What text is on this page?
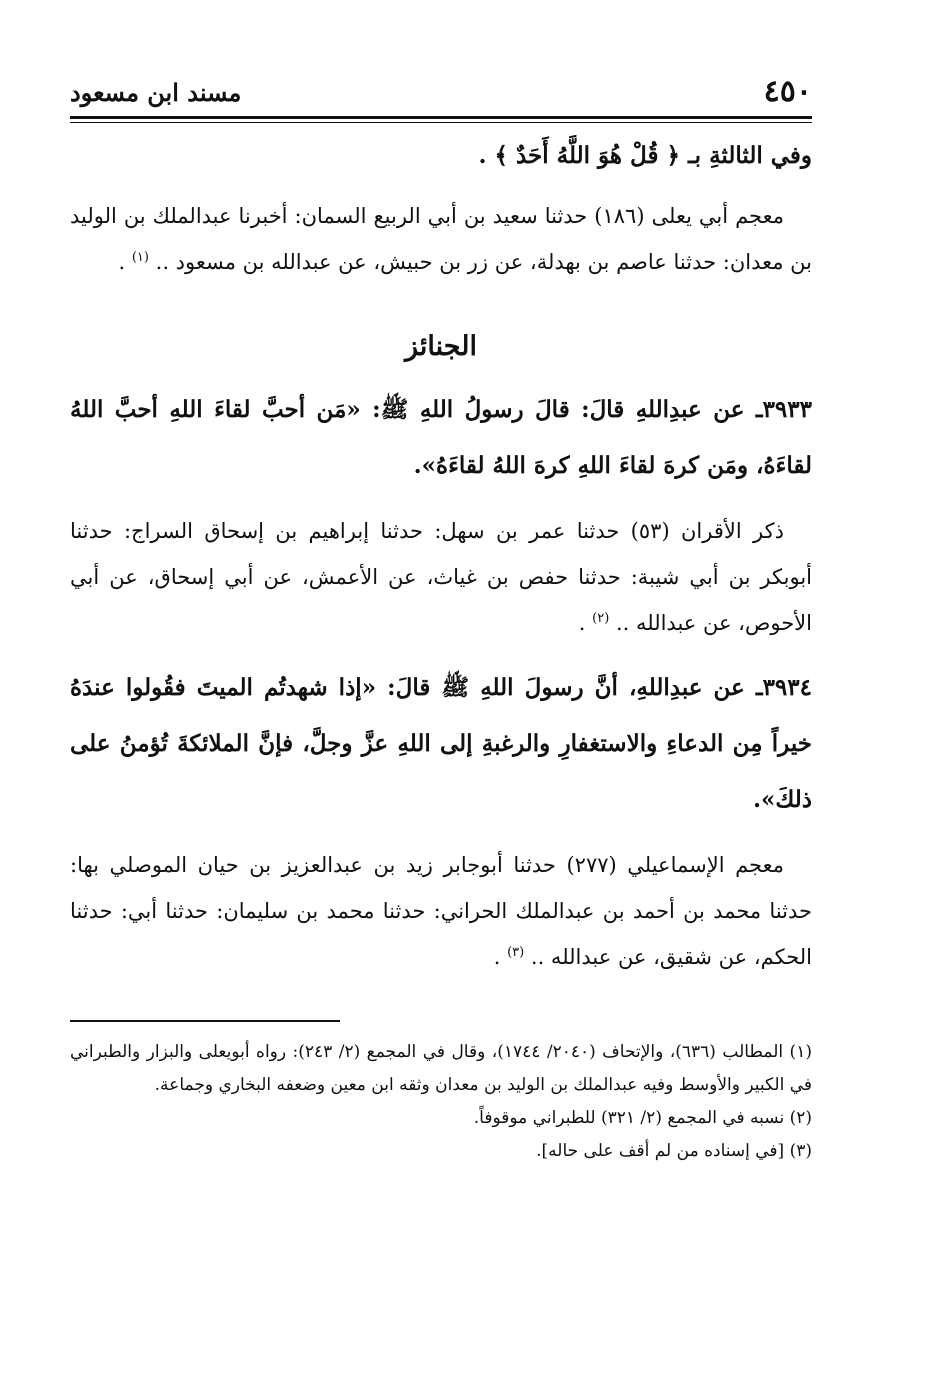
٤٥٠
مسند ابن مسعود

وفي الثالثةِ بـ ﴿ قُلْ هُوَ اللَّهُ أَحَدٌ ﴾ .

معجم أبي يعلى (١٨٦) حدثنا سعيد بن أبي الربيع السمان: أخبرنا عبدالملك بن الوليد بن معدان: حدثنا عاصم بن بهدلة، عن زر بن حبيش، عن عبدالله بن مسعود .. $^{(١)}$ .

الجنائز

٣٩٣٣ـ عن عبدِاللهِ قالَ: قالَ رسولُ اللهِ ﷺ: «مَن أحبَّ لقاءَ اللهِ أحبَّ اللهُ لقاءَهُ، ومَن كرهَ لقاءَ اللهِ كرهَ اللهُ لقاءَهُ».

ذكر الأقران (٥٣) حدثنا عمر بن سهل: حدثنا إبراهيم بن إسحاق السراج: حدثنا أبوبكر بن أبي شيبة: حدثنا حفص بن غياث، عن الأعمش، عن أبي إسحاق، عن أبي الأحوص، عن عبدالله .. $^{(٢)}$ .

٣٩٣٤ـ عن عبدِاللهِ، أنَّ رسولَ اللهِ ﷺ قالَ: «إذا شهدتُم الميتَ فقُولوا عندَهُ خيراً مِن الدعاءِ والاستغفارِ والرغبةِ إلى اللهِ عزَّ وجلَّ، فإنَّ الملائكةَ تُؤمنُ على ذلكَ».

معجم الإسماعيلي (٢٧٧) حدثنا أبوجابر زيد بن عبدالعزيز بن حيان الموصلي بها: حدثنا محمد بن أحمد بن عبدالملك الحراني: حدثنا محمد بن سليمان: حدثنا أبي: حدثنا الحكم، عن شقيق، عن عبدالله .. $^{(٣)}$ .

(١) المطالب (٦٣٦)، والإتحاف (٢٠٤٠/ ١٧٤٤)، وقال في المجمع (٢/ ٢٤٣): رواه أبويعلى والبزار والطبراني في الكبير والأوسط وفيه عبدالملك بن الوليد بن معدان وثقه ابن معين وضعفه البخاري وجماعة.

(٢) نسبه في المجمع (٢/ ٣٢١) للطبراني موقوفاً.

(٣) [في إسناده من لم أقف على حاله].
